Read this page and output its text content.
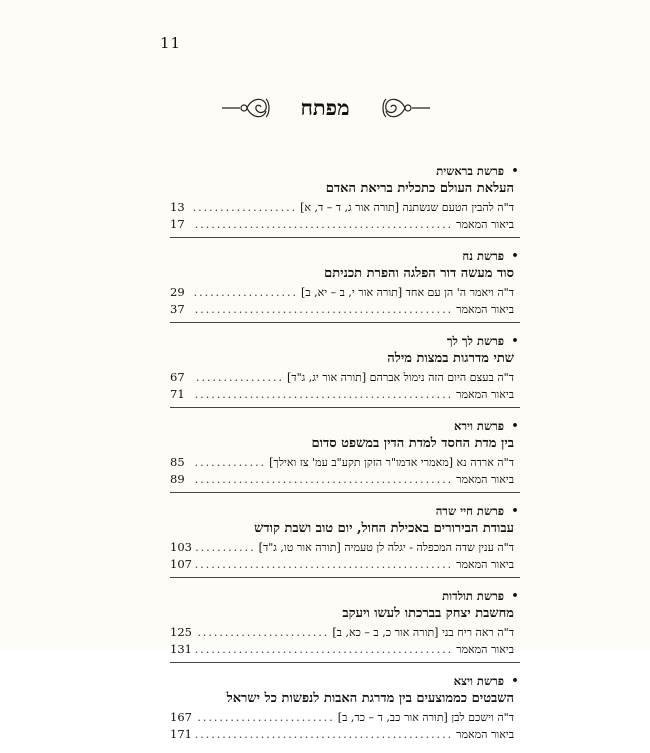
11
מפתח
•
פרשת בראשית
העלאת העולם כתכלית בריאת האדם
ד"ה להבין הטעם שנשתנה [תורה אור ג, ד – ד, א]
.....
13
ביאור המאמר
.....
17
•
פרשת נח
סוד מעשה דור הפלגה והפרת תכניתם
ד"ה ויאמר ה' הן עם אחד [תורה אור י, ב – יא, ב]
.....
29
ביאור המאמר
.....
37
•
פרשת לך לך
שתי מדרגות במצות מילה
ד"ה בעצם היום הזה נימול אברהם [תורה אור יג, ג"ד]
.....
67
ביאור המאמר
.....
71
•
פרשת וירא
בין מדת החסד למדת הדין במשפט סדום
ד"ה ארדה נא [מאמרי אדמו"ר הזקן תקע"ב עמ' צז ואילך]
.....
85
ביאור המאמר
.....
89
•
פרשת חיי שרה
עבודת הבירורים באכילת החול, יום טוב ושבת קודש
ד"ה ענין שדה המכפלה - יגלה לן טעמיה [תורה אור טו, ג"ד]
.....
103
ביאור המאמר
.....
107
•
פרשת תולדות
מחשבת יצחק בברכתו לעשו ויעקב
ד"ה ראה ריח בני [תורה אור כ, ב – כא, ב]
.....
125
ביאור המאמר
.....
131
•
פרשת ויצא
השבטים כממוצעים בין מדרגת האבות לנפשות כל ישראל
ד"ה וישכם לבן [תורה אור כב, ד – כד, ב]
.....
167
ביאור המאמר
.....
171
